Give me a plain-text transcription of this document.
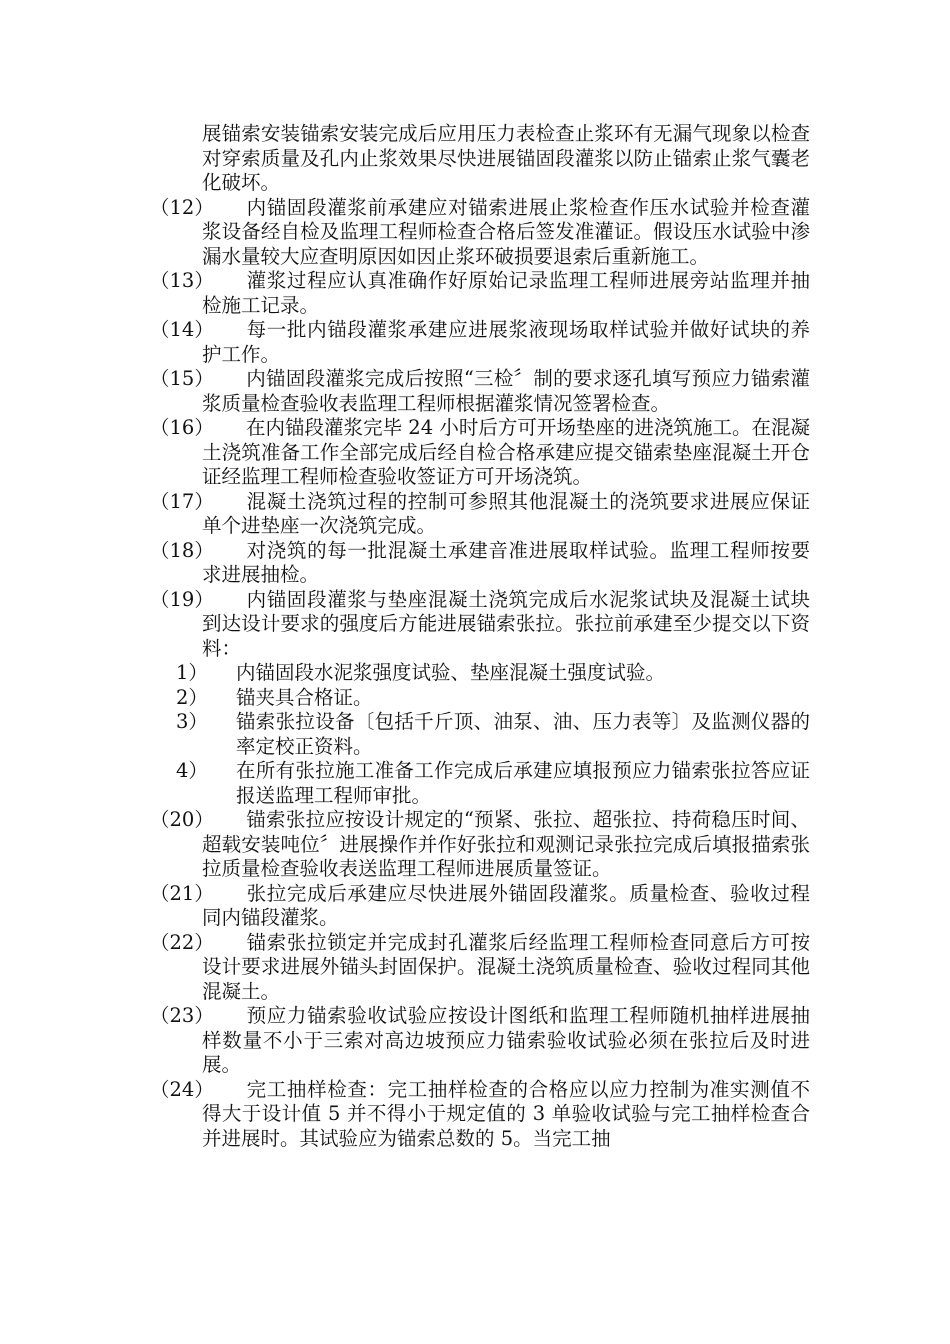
展锚索安装锚索安装完成后应用压力表检查止浆环有无漏气现象以检查对穿索质量及孔内止浆效果尽快进展锚固段灌浆以防止锚索止浆气囊老化破坏。
（12）	内锚固段灌浆前承建应对锚索进展止浆检查作压水试验并检查灌浆设备经自检及监理工程师检查合格后签发准灌证。假设压水试验中渗漏水量较大应查明原因如因止浆环破损要退索后重新施工。
（13）	灌浆过程应认真准确作好原始记录监理工程师进展旁站监理并抽检施工记录。
（14）	每一批内锚段灌浆承建应进展浆液现场取样试验并做好试块的养护工作。
（15）	内锚固段灌浆完成后按照“三检〞制的要求逐孔填写预应力锚索灌浆质量检查验收表监理工程师根据灌浆情况签署检查。
（16）	在内锚段灌浆完毕 24 小时后方可开场垫座的进浇筑施工。在混凝土浇筑准备工作全部完成后经自检合格承建应提交锚索垫座混凝土开仓证经监理工程师检查验收签证方可开场浇筑。
（17）	混凝土浇筑过程的控制可参照其他混凝土的浇筑要求进展应保证单个进垫座一次浇筑完成。
（18）	对浇筑的每一批混凝土承建音准进展取样试验。监理工程师按要求进展抽检。
（19）	内锚固段灌浆与垫座混凝土浇筑完成后水泥浆试块及混凝土试块到达设计要求的强度后方能进展锚索张拉。张拉前承建至少提交以下资料：
1） 内锚固段水泥浆强度试验、垫座混凝土强度试验。
2） 锚夹具合格证。
3） 锚索张拉设备〔包括千斤顶、油泵、油、压力表等〕及监测仪器的率定校正资料。
4） 在所有张拉施工准备工作完成后承建应填报预应力锚索张拉答应证报送监理工程师审批。
（20）	锚索张拉应按设计规定的“预紧、张拉、超张拉、持荷稳压时间、超载安装吨位〞进展操作并作好张拉和观测记录张拉完成后填报描索张拉质量检查验收表送监理工程师进展质量签证。
（21）	张拉完成后承建应尽快进展外锚固段灌浆。质量检查、验收过程同内锚段灌浆。
（22）	锚索张拉锁定并完成封孔灌浆后经监理工程师检查同意后方可按设计要求进展外锚头封固保护。混凝土浇筑质量检查、验收过程同其他混凝土。
（23）	预应力锚索验收试验应按设计图纸和监理工程师随机抽样进展抽样数量不小于三索对高边坡预应力锚索验收试验必须在张拉后及时进展。
（24）	完工抽样检查：完工抽样检查的合格应以应力控制为准实测值不得大于设计值 5 并不得小于规定值的 3 单验收试验与完工抽样检查合并进展时。其试验应为锚索总数的 5。当完工抽
